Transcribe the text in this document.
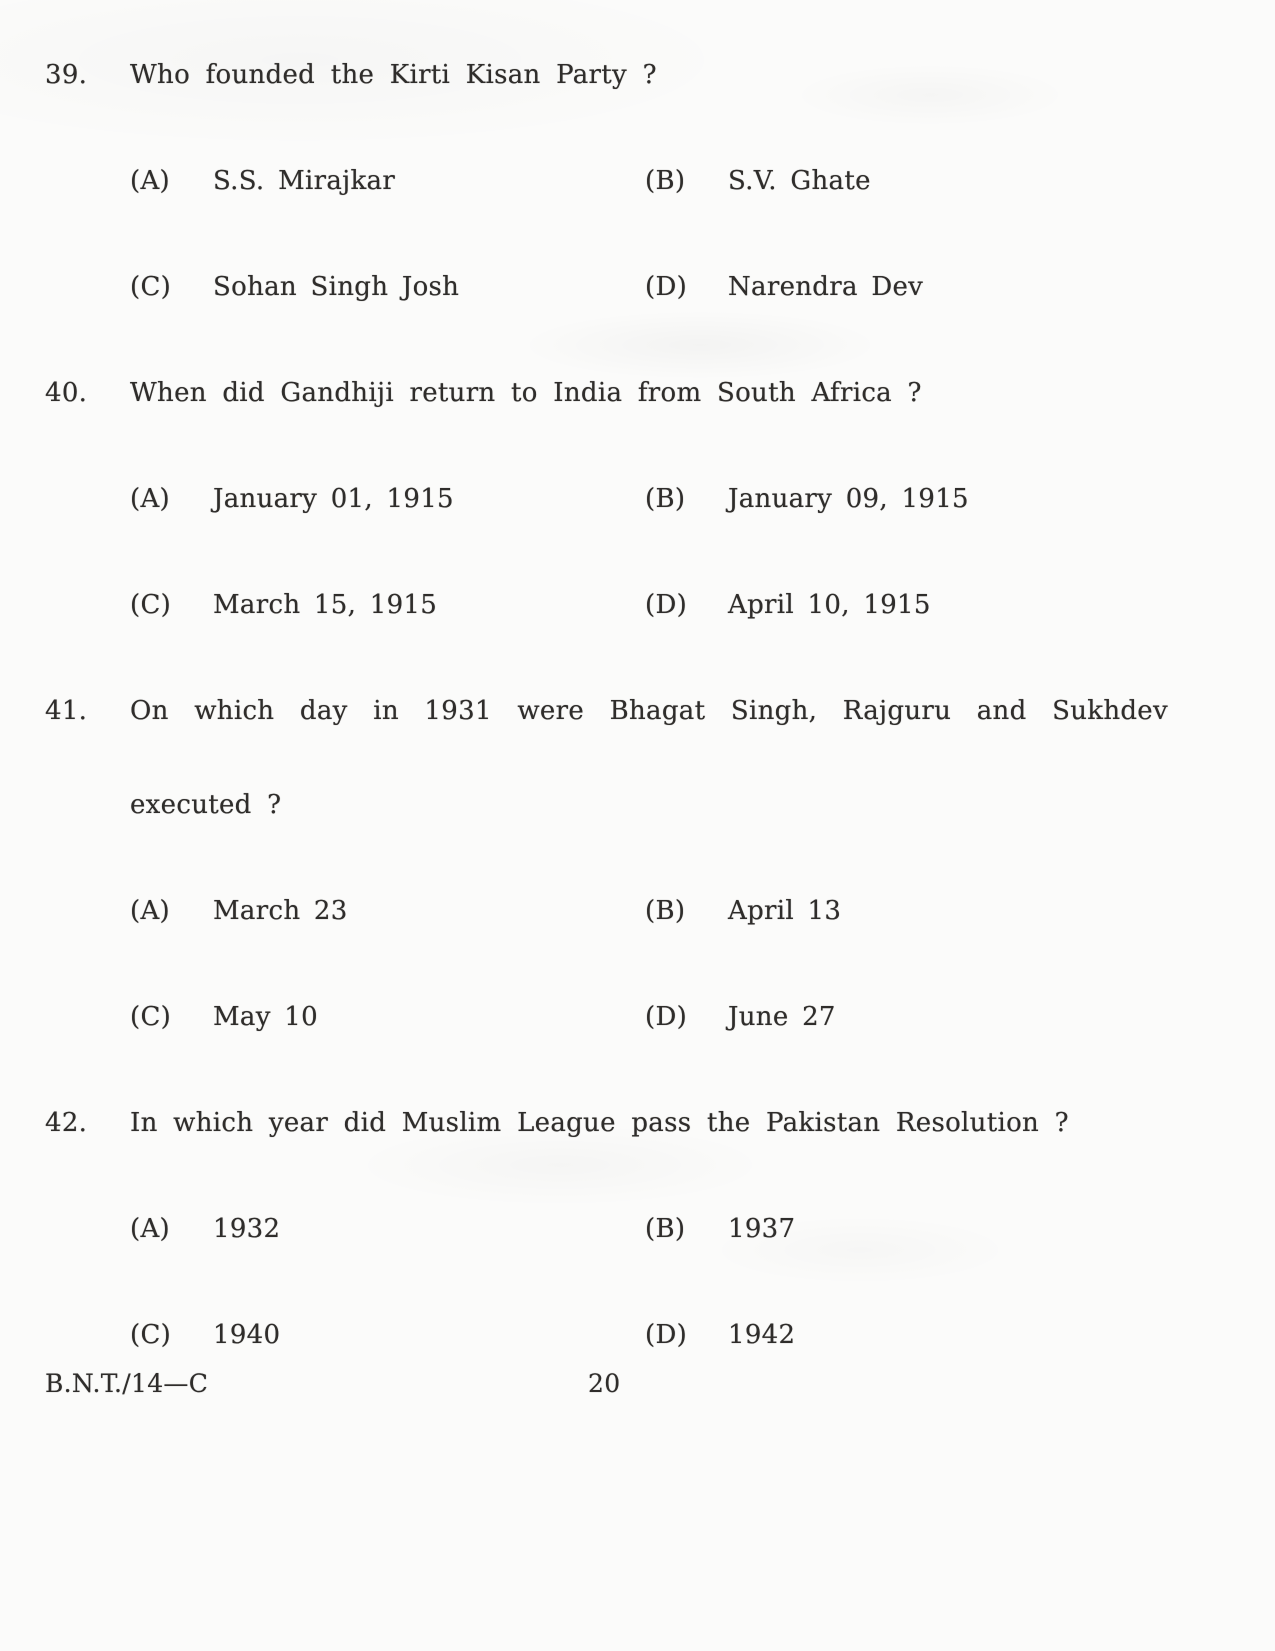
39.	Who founded the Kirti Kisan Party ?
(A)	S.S. Mirajkar	(B)	S.V. Ghate
(C)	Sohan Singh Josh	(D)	Narendra Dev
40.	When did Gandhiji return to India from South Africa ?
(A)	January 01, 1915	(B)	January 09, 1915
(C)	March 15, 1915	(D)	April 10, 1915
41.	On which day in 1931 were Bhagat Singh, Rajguru and Sukhdev
executed ?
(A)	March 23	(B)	April 13
(C)	May 10	(D)	June 27
42.	In which year did Muslim League pass the Pakistan Resolution ?
(A)	1932	(B)	1937
(C)	1940	(D)	1942
B.N.T./14—C	20
